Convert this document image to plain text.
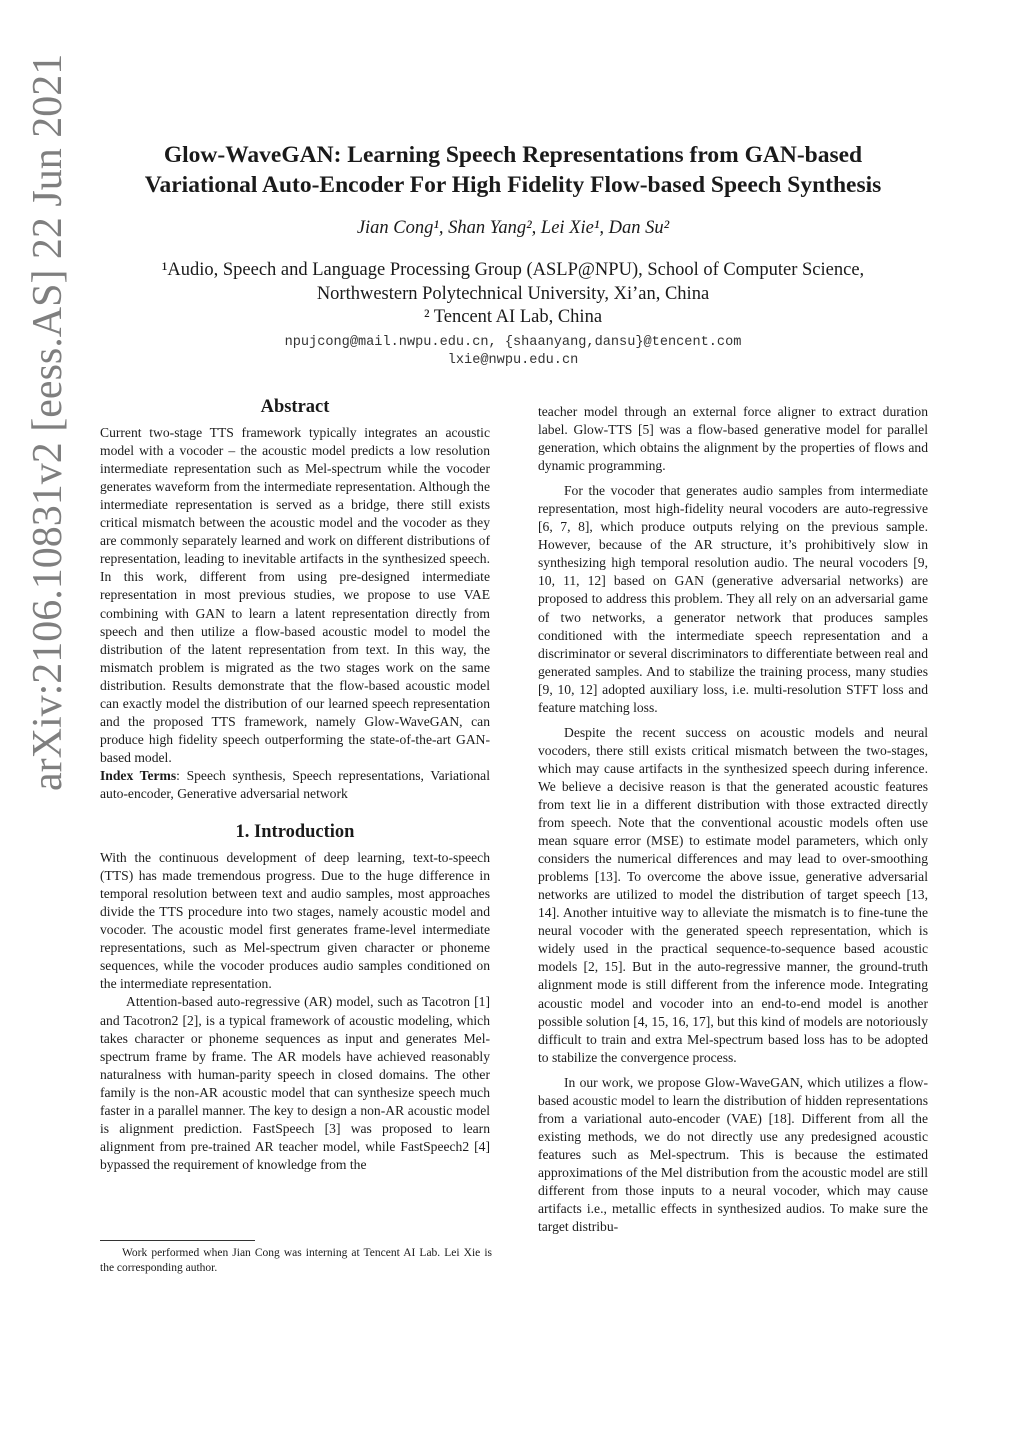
arXiv:2106.10831v2 [eess.AS] 22 Jun 2021	Glow-WaveGAN: Learning Speech Representations from GAN-based
Variational Auto-Encoder For High Fidelity Flow-based Speech Synthesis
Jian Cong¹, Shan Yang², Lei Xie¹, Dan Su²
¹Audio, Speech and Language Processing Group (ASLP@NPU), School of Computer Science,
Northwestern Polytechnical University, Xi’an, China
² Tencent AI Lab, China
npujcong@mail.nwpu.edu.cn, {shaanyang,dansu}@tencent.com
lxie@nwpu.edu.cn
Abstract

Current two-stage TTS framework typically integrates an acoustic model with a vocoder – the acoustic model predicts a low resolution intermediate representation such as Mel-spectrum while the vocoder generates waveform from the intermediate representation. Although the intermediate representation is served as a bridge, there still exists critical mismatch between the acoustic model and the vocoder as they are commonly separately learned and work on different distributions of representation, leading to inevitable artifacts in the synthesized speech. In this work, different from using pre-designed intermediate representation in most previous studies, we propose to use VAE combining with GAN to learn a latent representation directly from speech and then utilize a flow-based acoustic model to model the distribution of the latent representation from text. In this way, the mismatch problem is migrated as the two stages work on the same distribution. Results demonstrate that the flow-based acoustic model can exactly model the distribution of our learned speech representation and the proposed TTS framework, namely Glow-WaveGAN, can produce high fidelity speech outperforming the state-of-the-art GAN-based model.

Index Terms: Speech synthesis, Speech representations, Variational auto-encoder, Generative adversarial network

1. Introduction

With the continuous development of deep learning, text-to-speech (TTS) has made tremendous progress. Due to the huge difference in temporal resolution between text and audio samples, most approaches divide the TTS procedure into two stages, namely acoustic model and vocoder. The acoustic model first generates frame-level intermediate representations, such as Mel-spectrum given character or phoneme sequences, while the vocoder produces audio samples conditioned on the intermediate representation.

Attention-based auto-regressive (AR) model, such as Tacotron [1] and Tacotron2 [2], is a typical framework of acoustic modeling, which takes character or phoneme sequences as input and generates Mel-spectrum frame by frame. The AR models have achieved reasonably naturalness with human-parity speech in closed domains. The other family is the non-AR acoustic model that can synthesize speech much faster in a parallel manner. The key to design a non-AR acoustic model is alignment prediction. FastSpeech [3] was proposed to learn alignment from pre-trained AR teacher model, while FastSpeech2 [4] bypassed the requirement of knowledge from the

Work performed when Jian Cong was interning at Tencent AI Lab. Lei Xie is the corresponding author.

teacher model through an external force aligner to extract duration label. Glow-TTS [5] was a flow-based generative model for parallel generation, which obtains the alignment by the properties of flows and dynamic programming.

For the vocoder that generates audio samples from intermediate representation, most high-fidelity neural vocoders are auto-regressive [6, 7, 8], which produce outputs relying on the previous sample. However, because of the AR structure, it’s prohibitively slow in synthesizing high temporal resolution audio. The neural vocoders [9, 10, 11, 12] based on GAN (generative adversarial networks) are proposed to address this problem. They all rely on an adversarial game of two networks, a generator network that produces samples conditioned with the intermediate speech representation and a discriminator or several discriminators to differentiate between real and generated samples. And to stabilize the training process, many studies [9, 10, 12] adopted auxiliary loss, i.e. multi-resolution STFT loss and feature matching loss.

Despite the recent success on acoustic models and neural vocoders, there still exists critical mismatch between the two-stages, which may cause artifacts in the synthesized speech during inference. We believe a decisive reason is that the generated acoustic features from text lie in a different distribution with those extracted directly from speech. Note that the conventional acoustic models often use mean square error (MSE) to estimate model parameters, which only considers the numerical differences and may lead to over-smoothing problems [13]. To overcome the above issue, generative adversarial networks are utilized to model the distribution of target speech [13, 14]. Another intuitive way to alleviate the mismatch is to fine-tune the neural vocoder with the generated speech representation, which is widely used in the practical sequence-to-sequence based acoustic models [2, 15]. But in the auto-regressive manner, the ground-truth alignment mode is still different from the inference mode. Integrating acoustic model and vocoder into an end-to-end model is another possible solution [4, 15, 16, 17], but this kind of models are notoriously difficult to train and extra Mel-spectrum based loss has to be adopted to stabilize the convergence process.

In our work, we propose Glow-WaveGAN, which utilizes a flow-based acoustic model to learn the distribution of hidden representations from a variational auto-encoder (VAE) [18]. Different from all the existing methods, we do not directly use any predesigned acoustic features such as Mel-spectrum. This is because the estimated approximations of the Mel distribution from the acoustic model are still different from those inputs to a neural vocoder, which may cause artifacts i.e., metallic effects in synthesized audios. To make sure the target distribu-
